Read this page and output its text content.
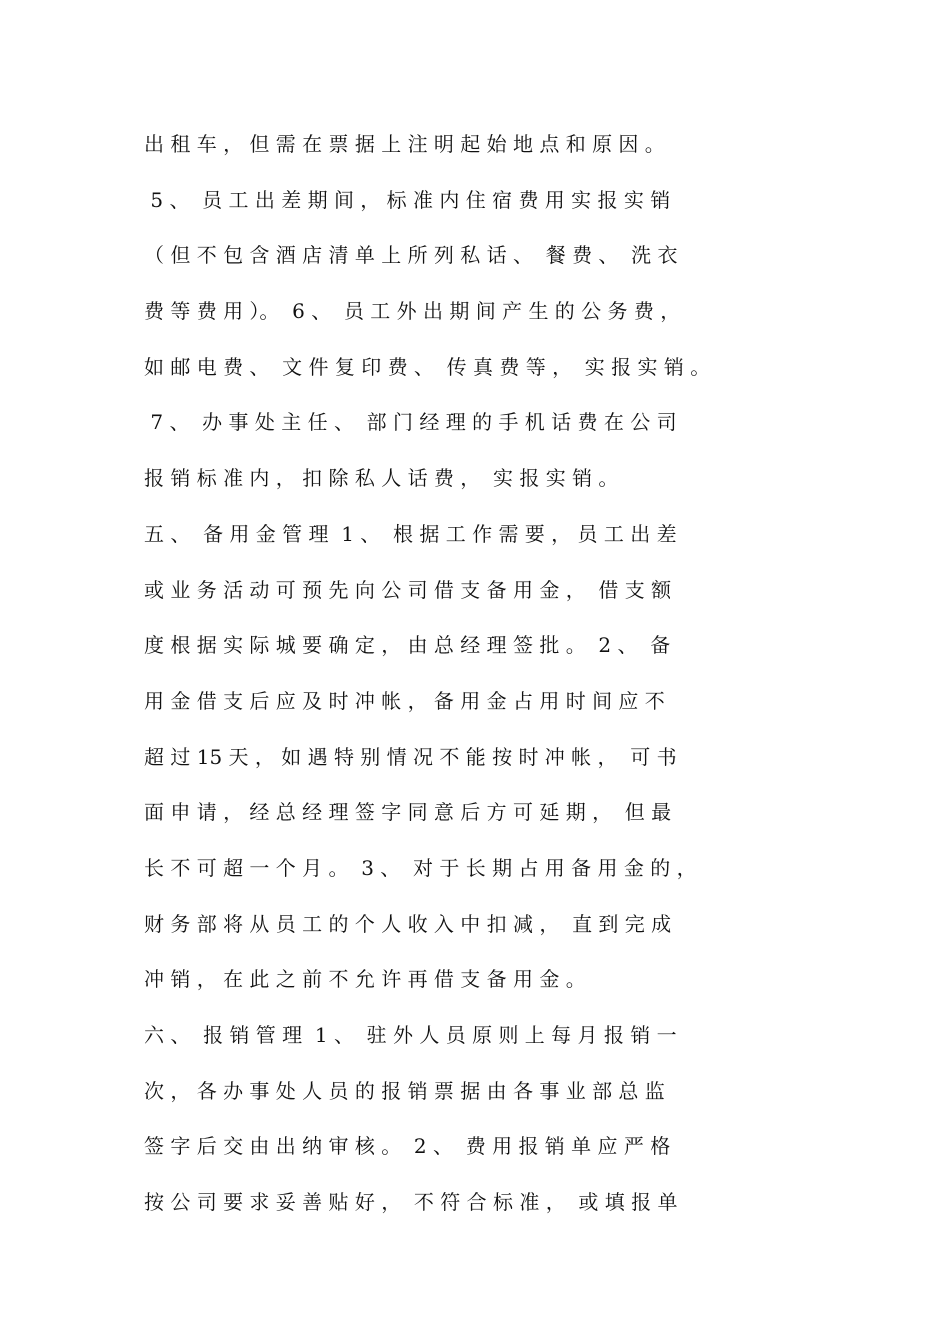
出 租 车 ， 但 需 在 票 据 上 注 明 起 始 地 点 和 原 因 。
5 、  员 工 出 差 期 间 ， 标 准 内 住 宿 费 用 实 报 实 销
（ 但 不 包 含 酒 店 清 单 上 所 列 私 话 、  餐 费 、  洗 衣
费 等 费 用 ）。  6 、  员 工 外 出 期 间 产 生 的 公 务 费 ，
如 邮 电 费 、  文 件 复 印 费 、  传 真 费 等 ，  实 报 实 销 。
7 、  办 事 处 主 任 、  部 门 经 理 的 手 机 话 费 在 公 司
报 销 标 准 内 ， 扣 除 私 人 话 费 ，  实 报 实 销 。
五 、  备 用 金 管 理  1 、  根 据 工 作 需 要 ， 员 工 出 差
或 业 务 活 动 可 预 先 向 公 司 借 支 备 用 金 ，  借 支 额
度 根 据 实 际 城 要 确 定 ， 由 总 经 理 签 批 。  2 、  备
用 金 借 支 后 应 及 时 冲 帐 ， 备 用 金 占 用 时 间 应 不
超 过 15 天 ， 如 遇 特 别 情 况 不 能 按 时 冲 帐 ，  可 书
面 申 请 ， 经 总 经 理 签 字 同 意 后 方 可 延 期 ，  但 最
长 不 可 超 一 个 月 。  3 、  对 于 长 期 占 用 备 用 金 的 ，
财 务 部 将 从 员 工 的 个 人 收 入 中 扣 减 ，  直 到 完 成
冲 销 ， 在 此 之 前 不 允 许 再 借 支 备 用 金 。
六 、  报 销 管 理  1 、  驻 外 人 员 原 则 上 每 月 报 销 一
次 ， 各 办 事 处 人 员 的 报 销 票 据 由 各 事 业 部 总 监
签 字 后 交 由 出 纳 审 核 。  2 、  费 用 报 销 单 应 严 格
按 公 司 要 求 妥 善 贴 好 ，  不 符 合 标 准 ，  或 填 报 单
